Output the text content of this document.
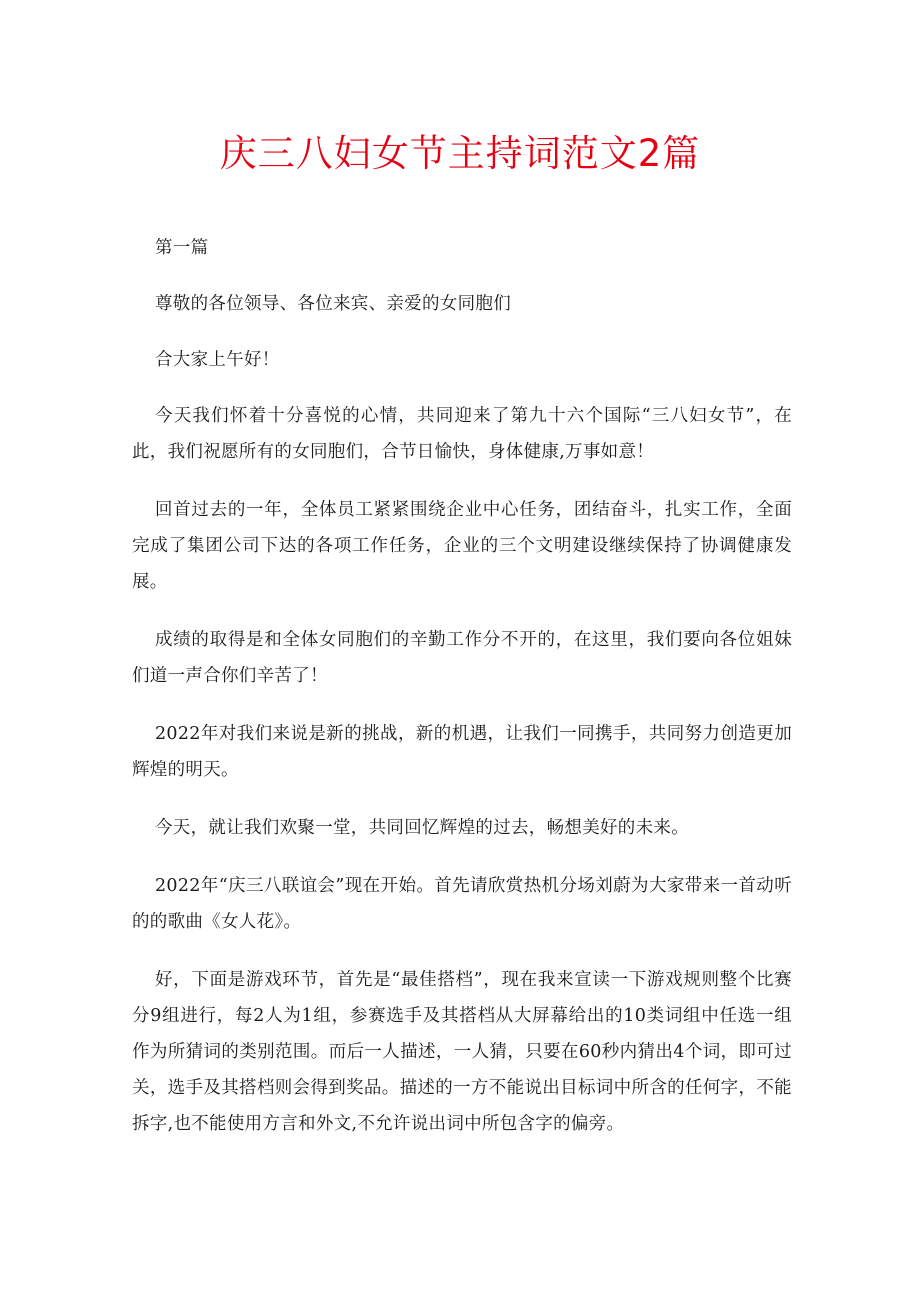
庆三八妇女节主持词范文2篇

第一篇

尊敬的各位领导、各位来宾、亲爱的女同胞们

合大家上午好！

今天我们怀着十分喜悦的心情，共同迎来了第九十六个国际“三八妇女节”，在此，我们祝愿所有的女同胞们，合节日愉快，身体健康,万事如意！

回首过去的一年，全体员工紧紧围绕企业中心任务，团结奋斗，扎实工作，全面完成了集团公司下达的各项工作任务，企业的三个文明建设继续保持了协调健康发展。

成绩的取得是和全体女同胞们的辛勤工作分不开的，在这里，我们要向各位姐妹们道一声合你们辛苦了！

2022年对我们来说是新的挑战，新的机遇，让我们一同携手，共同努力创造更加辉煌的明天。

今天，就让我们欢聚一堂，共同回忆辉煌的过去，畅想美好的未来。

2022年“庆三八联谊会”现在开始。首先请欣赏热机分场刘蔚为大家带来一首动听的的歌曲《女人花》。

好，下面是游戏环节，首先是“最佳搭档”，现在我来宣读一下游戏规则整个比赛分9组进行，每2人为1组，参赛选手及其搭档从大屏幕给出的10类词组中任选一组作为所猜词的类别范围。而后一人描述，一人猜，只要在60秒内猜出4个词，即可过关，选手及其搭档则会得到奖品。描述的一方不能说出目标词中所含的任何字，不能拆字,也不能使用方言和外文,不允许说出词中所包含字的偏旁。
